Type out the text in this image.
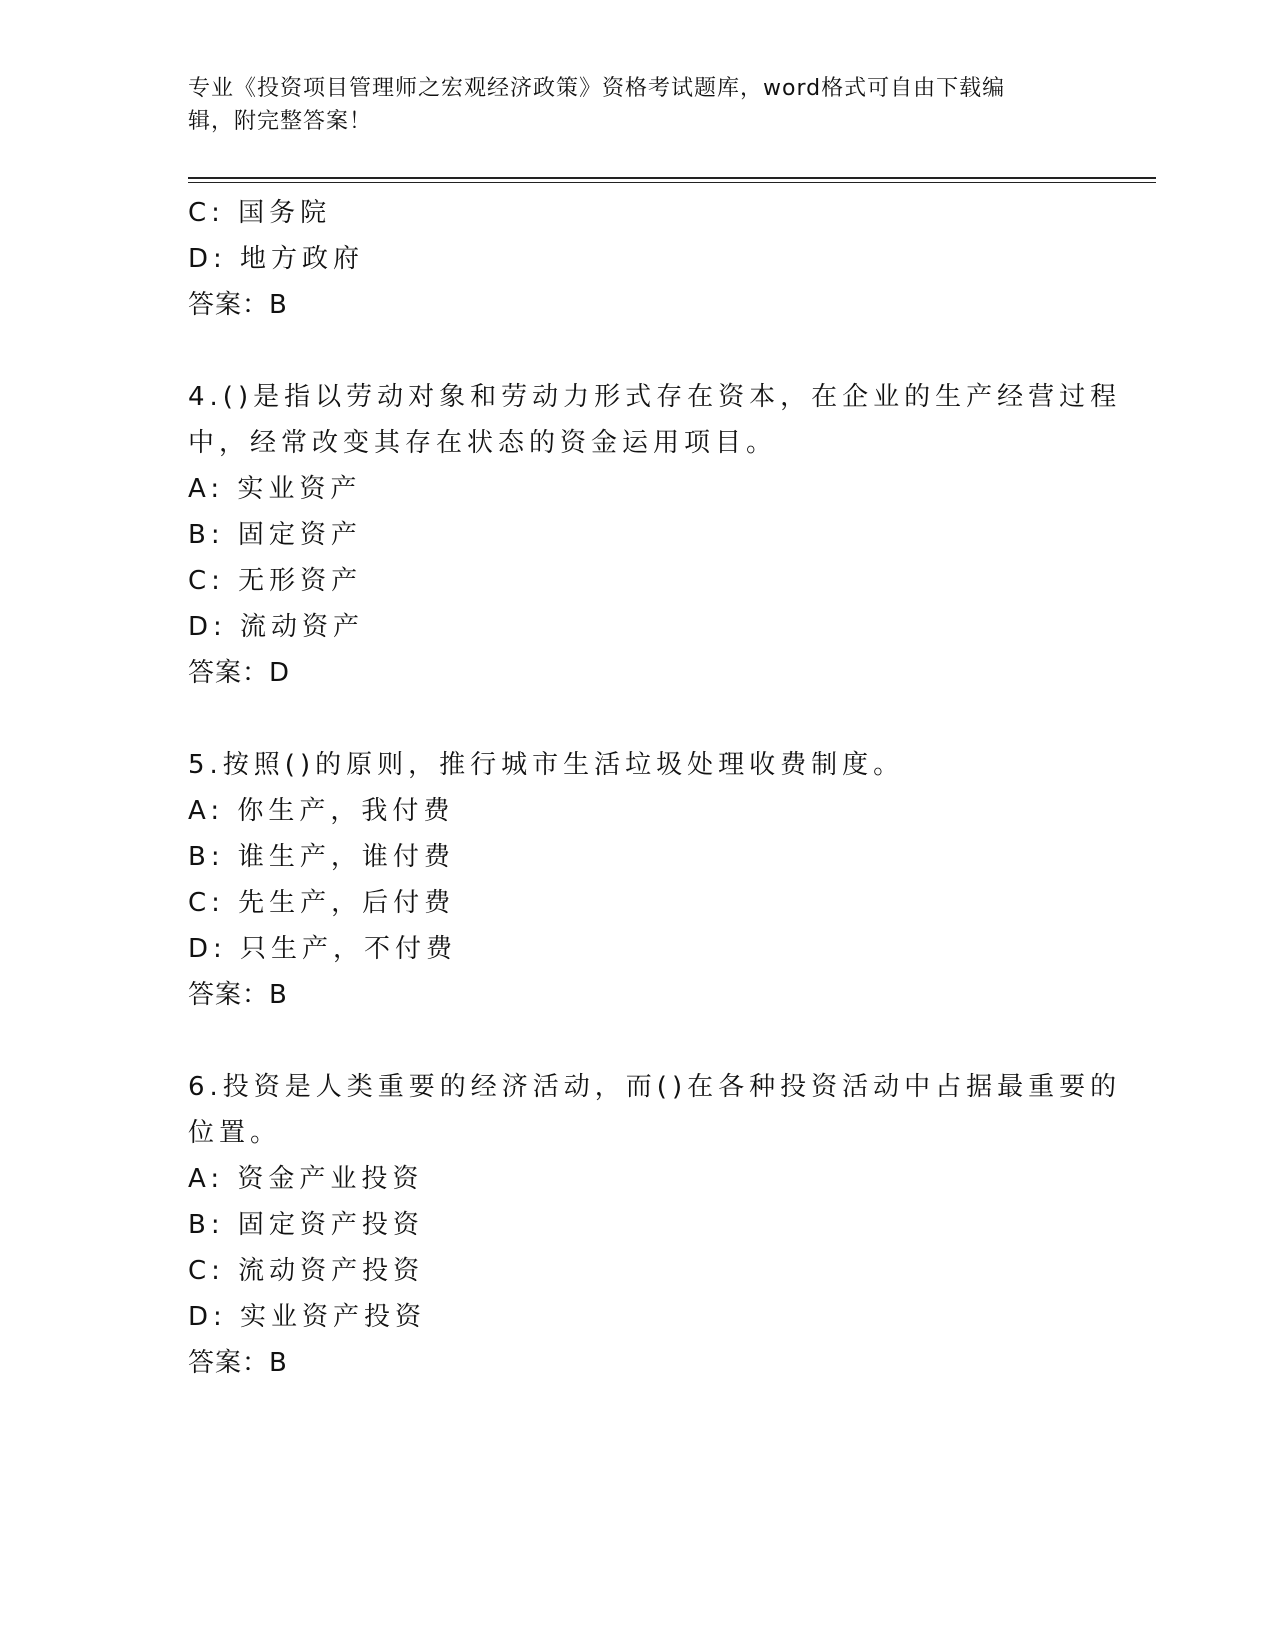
专业《投资项目管理师之宏观经济政策》资格考试题库，word格式可自由下载编
辑，附完整答案！
C: 国务院
D: 地方政府
答案：B
4.()是指以劳动对象和劳动力形式存在资本，在企业的生产经营过程
中，经常改变其存在状态的资金运用项目。
A: 实业资产
B: 固定资产
C: 无形资产
D: 流动资产
答案：D
5.按照()的原则，推行城市生活垃圾处理收费制度。
A: 你生产，我付费
B: 谁生产，谁付费
C: 先生产，后付费
D: 只生产，不付费
答案：B
6.投资是人类重要的经济活动，而()在各种投资活动中占据最重要的
位置。
A: 资金产业投资
B: 固定资产投资
C: 流动资产投资
D: 实业资产投资
答案：B
